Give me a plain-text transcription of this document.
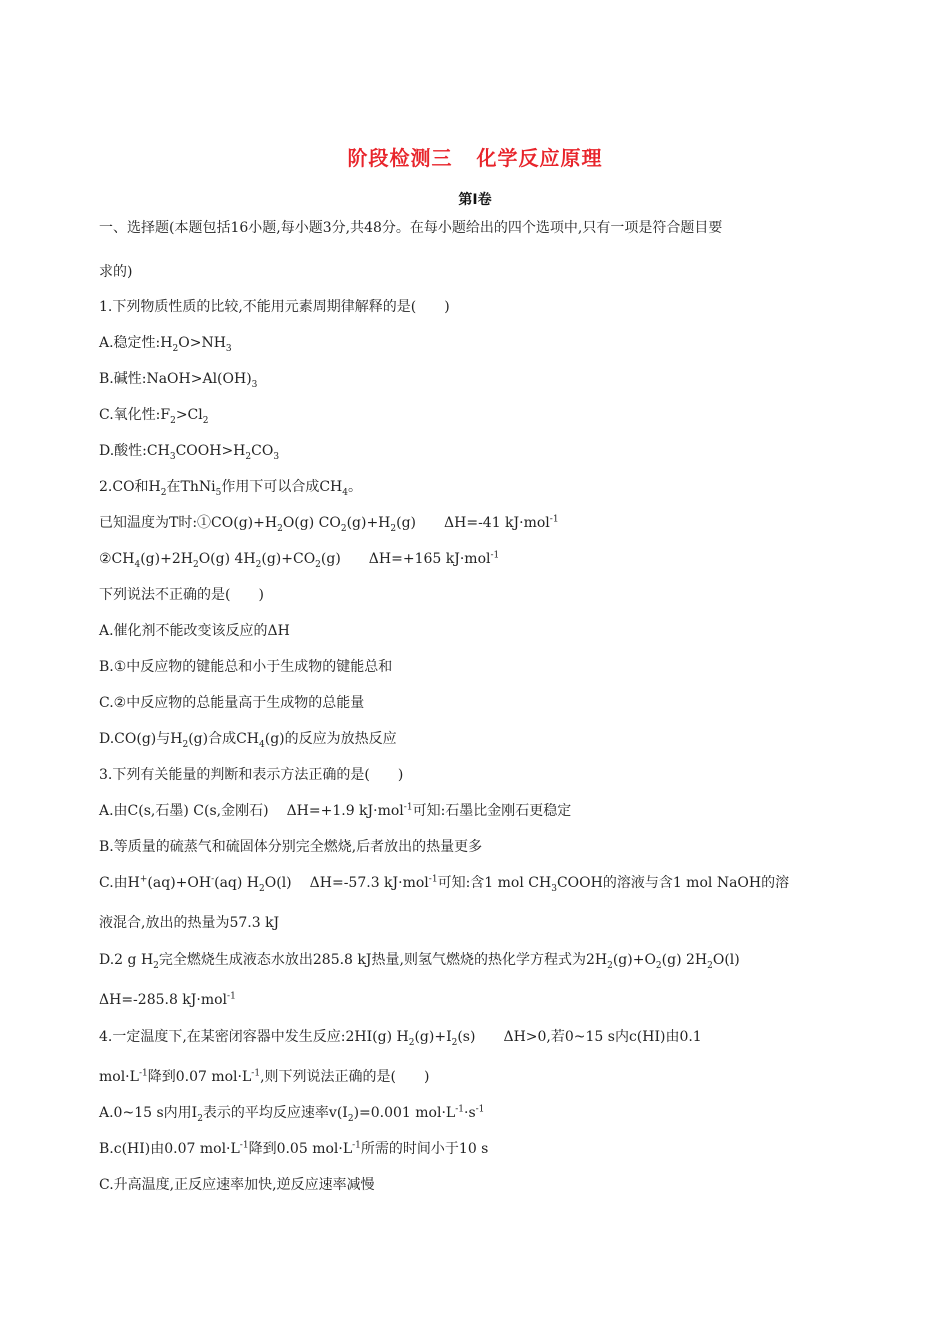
阶段检测三 化学反应原理
第Ⅰ卷
一、选择题(本题包括16小题,每小题3分,共48分。在每小题给出的四个选项中,只有一项是符合题目要
求的)
1.下列物质性质的比较,不能用元素周期律解释的是(　　)
A.稳定性$:H_2O>NH_3$
B.碱性$:NaOH>Al(OH)_3$
C.氧化性$:F_2>Cl_2$
D.酸性$:CH_3COOH>H_2CO_3$
2.CO和$H_2$在ThNi$_5$作用下可以合成$CH_4$。
已知温度为T时$:①CO(g)+H_2O(g)$ $CO_2(g)+H_2(g)$ ΔH=-41 kJ·mol$^{-1}$
$②CH_4(g)+2H_2O(g)$ $4H_2(g)+CO_2(g)$ ΔH=+165 kJ·mol$^{-1}$
下列说法不正确的是(　　)
A.催化剂不能改变该反应的ΔH
B.①中反应物的键能总和小于生成物的键能总和
C.②中反应物的总能量高于生成物的总能量
D.CO(g)与$H_2(g)$合成$CH_4(g)$的反应为放热反应
3.下列有关能量的判断和表示方法正确的是(　　)
A.由C(s,石墨) C(s,金刚石) ΔH=+1.9 kJ·mol$^{-1}$可知:石墨比金刚石更稳定
B.等质量的硫蒸气和硫固体分别完全燃烧,后者放出的热量更多
C.由H+(aq)+OH-(aq) $H_2O(l)$ ΔH=-57.3 kJ·mol$^{-1}$可知:含1 mol $CH_3COOH$的溶液与含1 mol NaOH的溶
液混合,放出的热量为57.3 kJ
D.2 g $H_2$完全燃烧生成液态水放出285.8 kJ热量,则氢气燃烧的热化学方程式为$2H_2(g)+O_2(g)$ $2H_2O(l)$
ΔH=-285.8 kJ·mol$^{-1}$
4.一定温度下,在某密闭容器中发生反应:2HI(g) $H_2(g)+I_2(s)$ ΔH>0,若0~15 s内c(HI)由0.1
$mol\cdot L^{-1}$降到0.07 $mol\cdot L^{-1}$,则下列说法正确的是(　　)
A.0~15 s内用$I_2$表示的平均反应速率$v(I_2)=0.001$ $mol\cdot L^{-1}\cdot s^{-1}$
B.c(HI)由0.07 $mol\cdot L^{-1}$降到0.05 $mol\cdot L^{-1}$所需的时间小于10 s
C.升高温度,正反应速率加快,逆反应速率减慢
